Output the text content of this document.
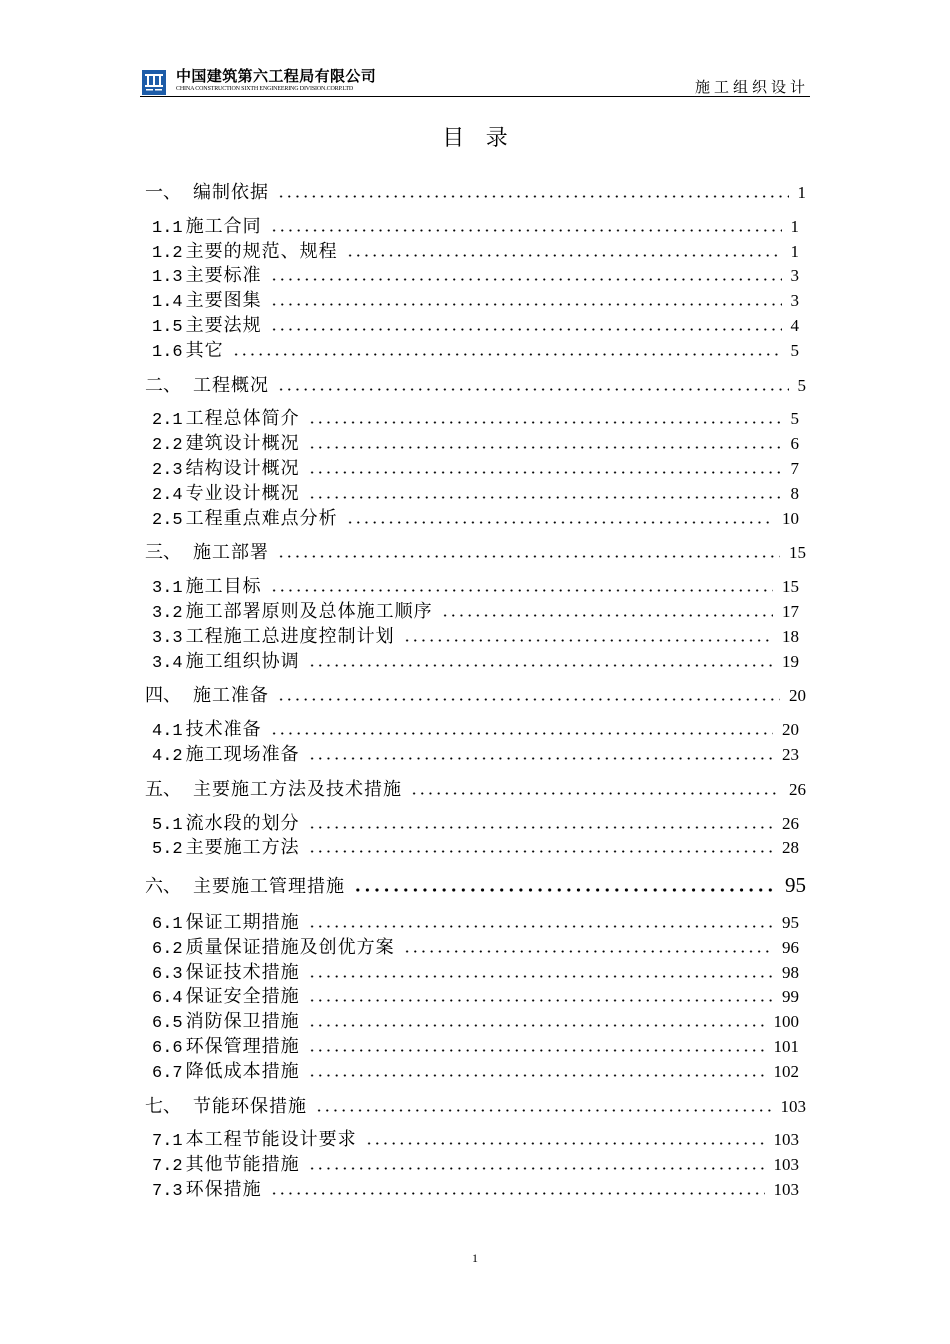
中国建筑第六工程局有限公司
CHINA CONSTRUCTION SIXTH ENGINEERING DIVISION.CORP.LTD	施工组织设计
目 录
一、 编制依据	1
1.1 施工合同	1
1.2 主要的规范、规程	1
1.3 主要标准	3
1.4 主要图集	3
1.5 主要法规	4
1.6 其它	5
二、 工程概况	5
2.1 工程总体简介	5
2.2 建筑设计概况	6
2.3 结构设计概况	7
2.4 专业设计概况	8
2.5 工程重点难点分析	10
三、 施工部署	15
3.1 施工目标	15
3.2 施工部署原则及总体施工顺序	17
3.3 工程施工总进度控制计划	18
3.4 施工组织协调	19
四、 施工准备	20
4.1 技术准备	20
4.2 施工现场准备	23
五、 主要施工方法及技术措施	26
5.1 流水段的划分	26
5.2 主要施工方法	28
六、 主要施工管理措施	95
6.1 保证工期措施	95
6.2 质量保证措施及创优方案	96
6.3 保证技术措施	98
6.4 保证安全措施	99
6.5 消防保卫措施	100
6.6 环保管理措施	101
6.7 降低成本措施	102
七、 节能环保措施	103
7.1 本工程节能设计要求	103
7.2 其他节能措施	103
7.3 环保措施	103
1
